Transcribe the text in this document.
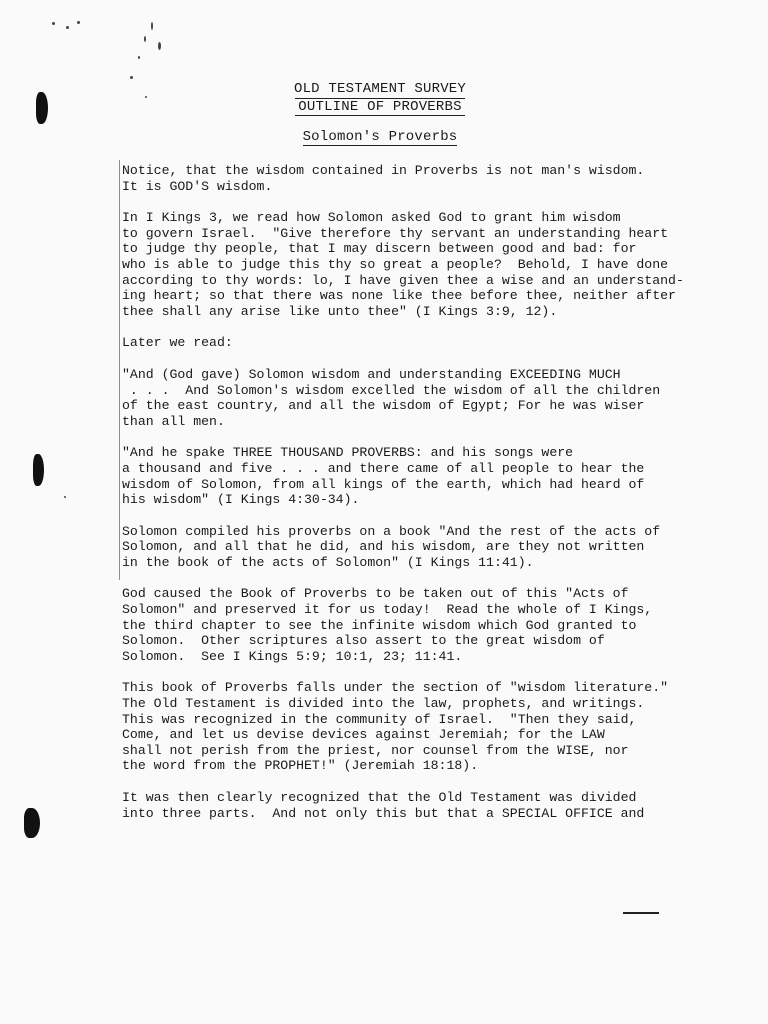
OLD TESTAMENT SURVEY
OUTLINE OF PROVERBS
Solomon's Proverbs
Notice, that the wisdom contained in Proverbs is not man's wisdom.
It is GOD'S wisdom.
In I Kings 3, we read how Solomon asked God to grant him wisdom
to govern Israel.  "Give therefore thy servant an understanding heart
to judge thy people, that I may discern between good and bad: for
who is able to judge this thy so great a people?  Behold, I have done
according to thy words: lo, I have given thee a wise and an understand-
ing heart; so that there was none like thee before thee, neither after
thee shall any arise like unto thee" (I Kings 3:9, 12).
Later we read:
"And (God gave) Solomon wisdom and understanding EXCEEDING MUCH
. . .  And Solomon's wisdom excelled the wisdom of all the children
of the east country, and all the wisdom of Egypt; For he was wiser
than all men.
"And he spake THREE THOUSAND PROVERBS: and his songs were
a thousand and five . . . and there came of all people to hear the
wisdom of Solomon, from all kings of the earth, which had heard of
his wisdom" (I Kings 4:30-34).
Solomon compiled his proverbs on a book "And the rest of the acts of
Solomon, and all that he did, and his wisdom, are they not written
in the book of the acts of Solomon" (I Kings 11:41).
God caused the Book of Proverbs to be taken out of this "Acts of
Solomon" and preserved it for us today!  Read the whole of I Kings,
the third chapter to see the infinite wisdom which God granted to
Solomon.  Other scriptures also assert to the great wisdom of
Solomon.  See I Kings 5:9; 10:1, 23; 11:41.
This book of Proverbs falls under the section of "wisdom literature."
The Old Testament is divided into the law, prophets, and writings.
This was recognized in the community of Israel.  "Then they said,
Come, and let us devise devices against Jeremiah; for the LAW
shall not perish from the priest, nor counsel from the WISE, nor
the word from the PROPHET!" (Jeremiah 18:18).
It was then clearly recognized that the Old Testament was divided
into three parts.  And not only this but that a SPECIAL OFFICE and
